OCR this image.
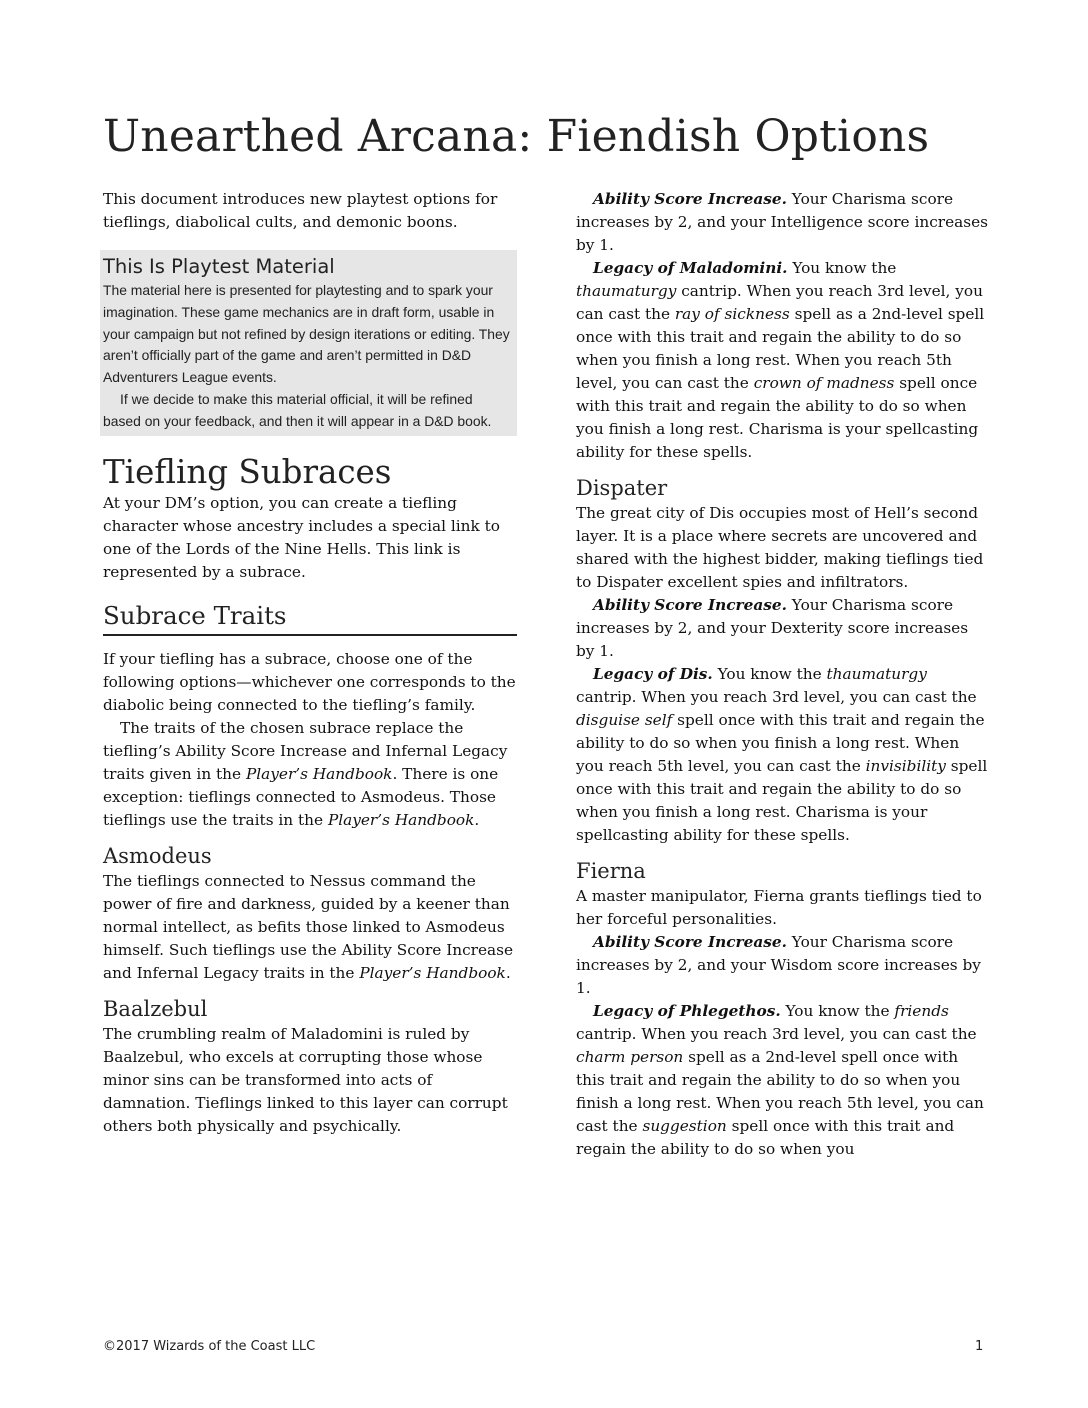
Unearthed Arcana: Fiendish Options

This document introduces new playtest options for tieflings, diabolical cults, and demonic boons.

This Is Playtest Material

The material here is presented for playtesting and to spark your imagination. These game mechanics are in draft form, usable in your campaign but not refined by design iterations or editing. They aren’t officially part of the game and aren’t permitted in D&D Adventurers League events.

If we decide to make this material official, it will be refined based on your feedback, and then it will appear in a D&D book.

Tiefling Subraces

At your DM’s option, you can create a tiefling character whose ancestry includes a special link to one of the Lords of the Nine Hells. This link is represented by a subrace.

Subrace Traits

If your tiefling has a subrace, choose one of the following options—whichever one corresponds to the diabolic being connected to the tiefling’s family.

The traits of the chosen subrace replace the tiefling’s Ability Score Increase and Infernal Legacy traits given in the Player’s Handbook. There is one exception: tieflings connected to Asmodeus. Those tieflings use the traits in the Player’s Handbook.

Asmodeus

The tieflings connected to Nessus command the power of fire and darkness, guided by a keener than normal intellect, as befits those linked to Asmodeus himself. Such tieflings use the Ability Score Increase and Infernal Legacy traits in the Player’s Handbook.

Baalzebul

The crumbling realm of Maladomini is ruled by Baalzebul, who excels at corrupting those whose minor sins can be transformed into acts of damnation. Tieflings linked to this layer can corrupt others both physically and psychically.

Ability Score Increase. Your Charisma score increases by 2, and your Intelligence score increases by 1.

Legacy of Maladomini. You know the thaumaturgy cantrip. When you reach 3rd level, you can cast the ray of sickness spell as a 2nd-level spell once with this trait and regain the ability to do so when you finish a long rest. When you reach 5th level, you can cast the crown of madness spell once with this trait and regain the ability to do so when you finish a long rest. Charisma is your spellcasting ability for these spells.

Dispater

The great city of Dis occupies most of Hell’s second layer. It is a place where secrets are uncovered and shared with the highest bidder, making tieflings tied to Dispater excellent spies and infiltrators.

Ability Score Increase. Your Charisma score increases by 2, and your Dexterity score increases by 1.

Legacy of Dis. You know the thaumaturgy cantrip. When you reach 3rd level, you can cast the disguise self spell once with this trait and regain the ability to do so when you finish a long rest. When you reach 5th level, you can cast the invisibility spell once with this trait and regain the ability to do so when you finish a long rest. Charisma is your spellcasting ability for these spells.

Fierna

A master manipulator, Fierna grants tieflings tied to her forceful personalities.

Ability Score Increase. Your Charisma score increases by 2, and your Wisdom score increases by 1.

Legacy of Phlegethos. You know the friends cantrip. When you reach 3rd level, you can cast the charm person spell as a 2nd-level spell once with this trait and regain the ability to do so when you finish a long rest. When you reach 5th level, you can cast the suggestion spell once with this trait and regain the ability to do so when you

©2017 Wizards of the Coast LLC	1
